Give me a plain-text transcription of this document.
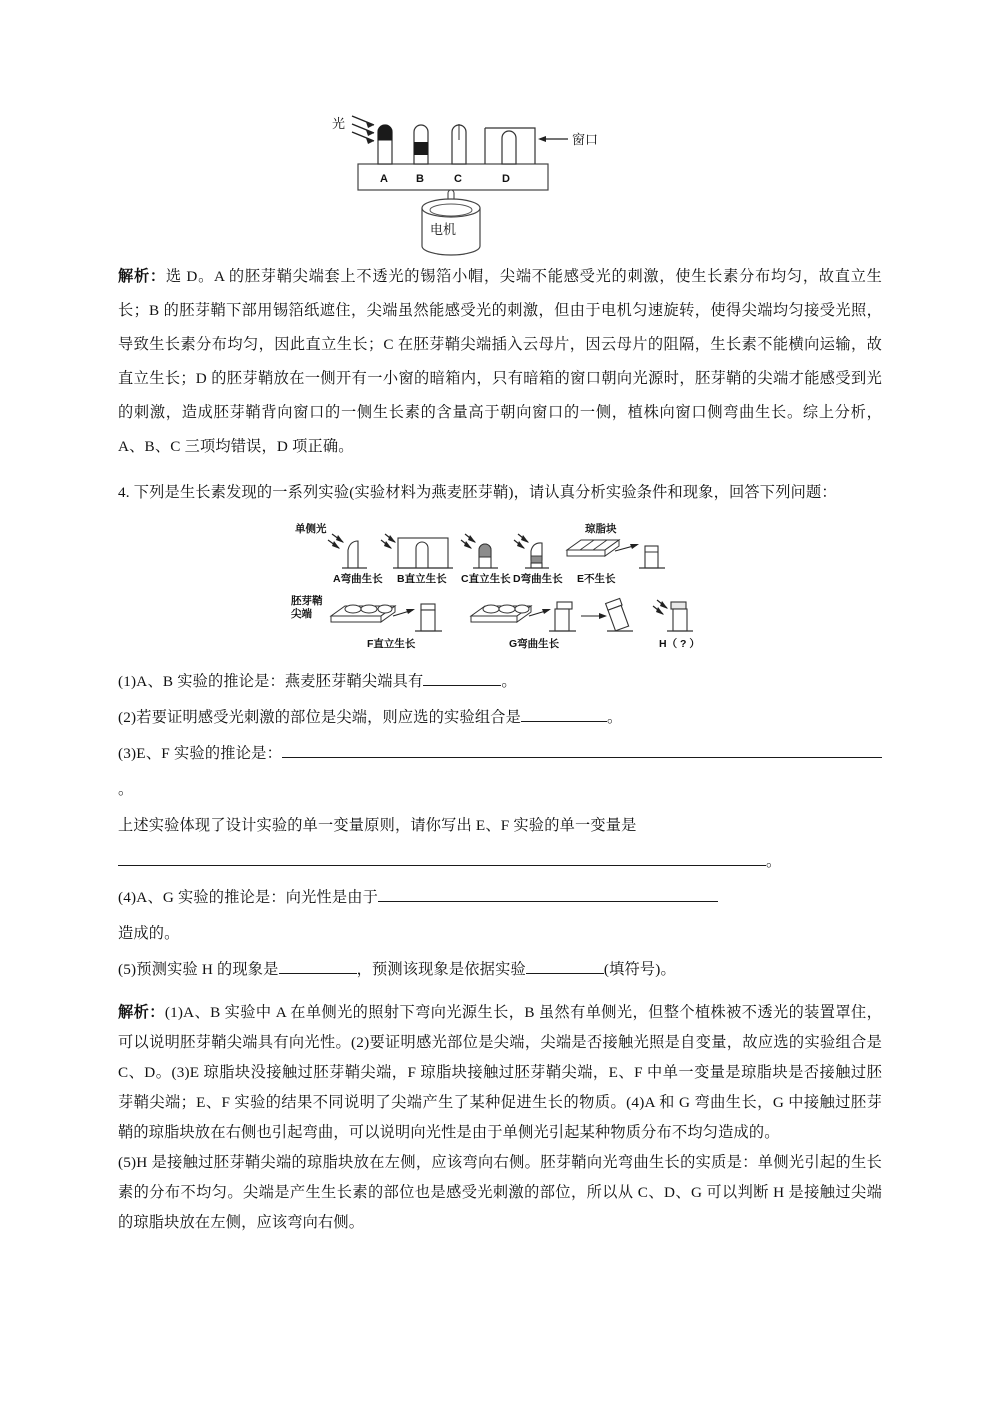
光
A	B	C	D
窗口
电机

解析：选 D。A 的胚芽鞘尖端套上不透光的锡箔小帽，尖端不能感受光的刺激，使生长素分布均匀，故直立生长；B 的胚芽鞘下部用锡箔纸遮住，尖端虽然能感受光的刺激，但由于电机匀速旋转，使得尖端均匀接受光照，导致生长素分布均匀，因此直立生长；C 在胚芽鞘尖端插入云母片，因云母片的阻隔，生长素不能横向运输，故直立生长；D 的胚芽鞘放在一侧开有一小窗的暗箱内，只有暗箱的窗口朝向光源时，胚芽鞘的尖端才能感受到光的刺激，造成胚芽鞘背向窗口的一侧生长素的含量高于朝向窗口的一侧，植株向窗口侧弯曲生长。综上分析，A、B、C 三项均错误，D 项正确。

4. 下列是生长素发现的一系列实验(实验材料为燕麦胚芽鞘)，请认真分析实验条件和现象，回答下列问题：

单侧光
A弯曲生长 B直立生长 C直立生长 D弯曲生长
琼脂块
E不生长
胚芽鞘
尖端
F直立生长	G弯曲生长	H（ ? ）

(1)A、B 实验的推论是：燕麦胚芽鞘尖端具有	。

(2)若要证明感受光刺激的部位是尖端，则应选的实验组合是	。

(3)E、F 实验的推论是：。

上述实验体现了设计实验的单一变量原则，请你写出 E、F 实验的单一变量是

。

(4)A、G 实验的推论是：向光性是由于

造成的。

(5)预测实验 H 的现象是	，预测该现象是依据实验	(填符号)。

解析：(1)A、B 实验中 A 在单侧光的照射下弯向光源生长，B 虽然有单侧光，但整个植株被不透光的装置罩住，可以说明胚芽鞘尖端具有向光性。(2)要证明感光部位是尖端，尖端是否接触光照是自变量，故应选的实验组合是 C、D。(3)E 琼脂块没接触过胚芽鞘尖端，F 琼脂块接触过胚芽鞘尖端，E、F 中单一变量是琼脂块是否接触过胚芽鞘尖端；E、F 实验的结果不同说明了尖端产生了某种促进生长的物质。(4)A 和 G 弯曲生长，G 中接触过胚芽鞘的琼脂块放在右侧也引起弯曲，可以说明向光性是由于单侧光引起某种物质分布不均匀造成的。

(5)H 是接触过胚芽鞘尖端的琼脂块放在左侧，应该弯向右侧。胚芽鞘向光弯曲生长的实质是：单侧光引起的生长素的分布不均匀。尖端是产生生长素的部位也是感受光刺激的部位，所以从 C、D、G 可以判断 H 是接触过尖端的琼脂块放在左侧，应该弯向右侧。
